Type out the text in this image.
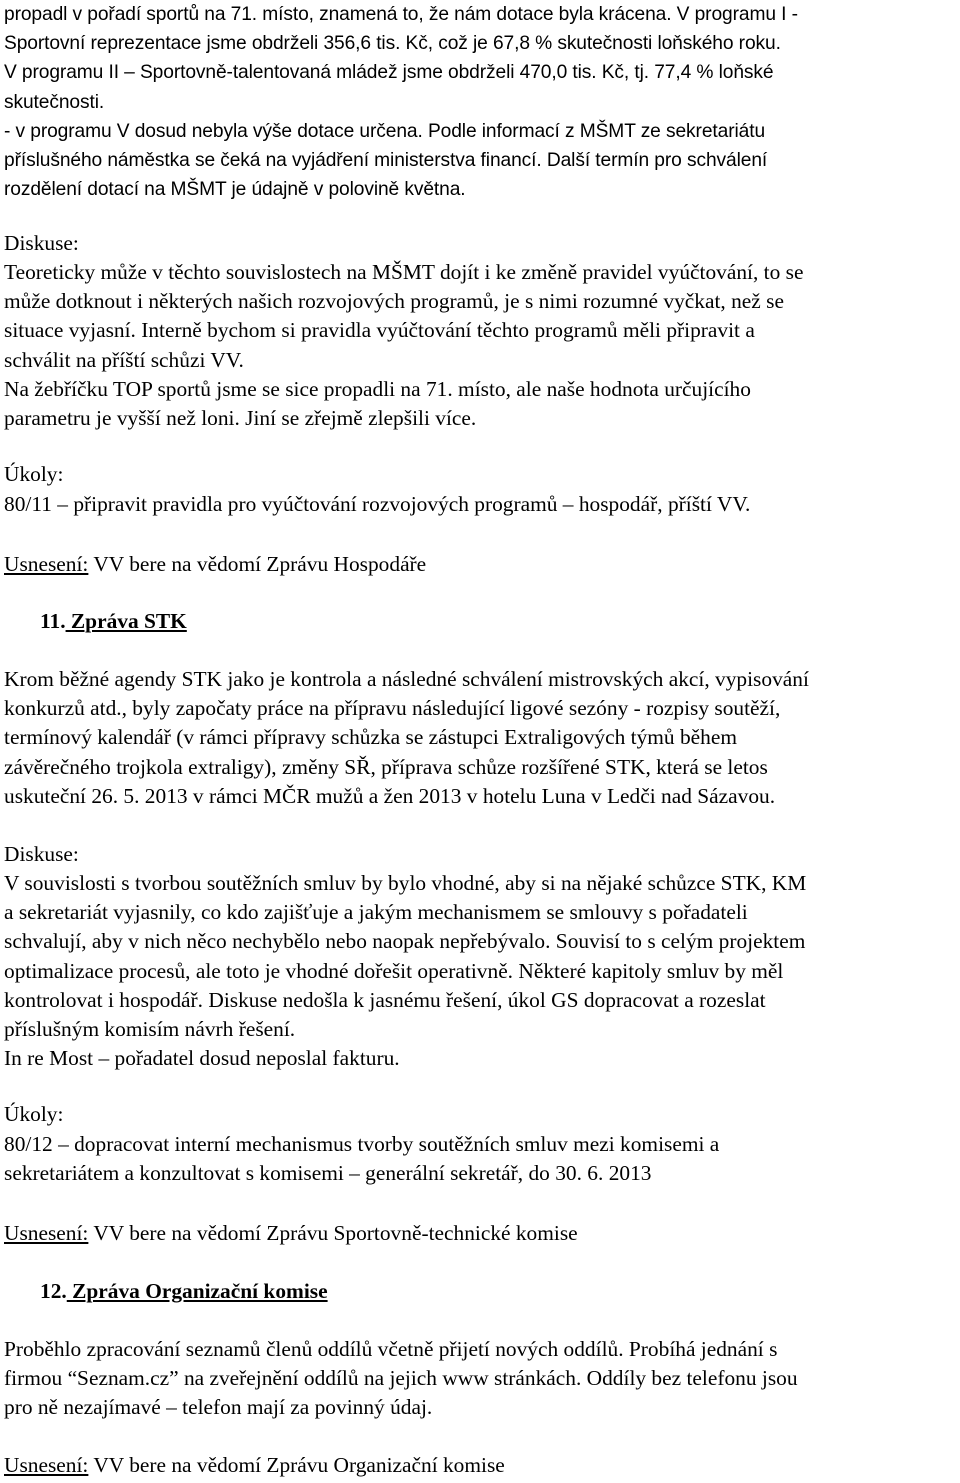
propadl v pořadí sportů na 71. místo, znamená to, že nám dotace byla krácena. V programu I -
Sportovní reprezentace jsme obdrželi 356,6 tis. Kč, což je 67,8 % skutečnosti loňského roku.
V programu II – Sportovně-talentovaná mládež jsme obdrželi 470,0 tis. Kč, tj. 77,4 % loňské
skutečnosti.
- v programu V dosud nebyla výše dotace určena. Podle informací z MŠMT ze sekretariátu
příslušného náměstka se čeká na vyjádření ministerstva financí. Další termín pro schválení
rozdělení dotací na MŠMT je údajně v polovině května.
Diskuse:
Teoreticky může v těchto souvislostech na MŠMT dojít i ke změně pravidel vyúčtování, to se
může dotknout i některých našich rozvojových programů, je s nimi rozumné vyčkat, než se
situace vyjasní. Interně bychom si pravidla vyúčtování těchto programů měli připravit a
schválit na příští schůzi VV.
Na žebříčku TOP sportů jsme se sice propadli na 71. místo, ale naše hodnota určujícího
parametru je vyšší než loni. Jiní se zřejmě zlepšili více.
Úkoly:
80/11 – připravit pravidla pro vyúčtování rozvojových programů – hospodář, příští VV.
Usnesení: VV bere na vědomí Zprávu Hospodáře
11. Zpráva STK
Krom běžné agendy STK jako je kontrola a následné schválení mistrovských akcí, vypisování
konkurzů atd., byly započaty práce na přípravu následující ligové sezóny - rozpisy soutěží,
termínový kalendář (v rámci přípravy schůzka se zástupci Extraligových týmů během
závěrečného trojkola extraligy), změny SŘ, příprava schůze rozšířené STK, která se letos
uskuteční 26. 5. 2013 v rámci MČR mužů a žen 2013 v hotelu Luna v Ledči nad Sázavou.
Diskuse:
V souvislosti s tvorbou soutěžních smluv by bylo vhodné, aby si na nějaké schůzce STK, KM
a sekretariát vyjasnily, co kdo zajišťuje a jakým mechanismem se smlouvy s pořadateli
schvalují, aby v nich něco nechybělo nebo naopak nepřebývalo. Souvisí to s celým projektem
optimalizace procesů, ale toto je vhodné dořešit operativně. Některé kapitoly smluv by měl
kontrolovat i hospodář. Diskuse nedošla k jasnému řešení, úkol GS dopracovat a rozeslat
příslušným komisím návrh řešení.
In re Most – pořadatel dosud neposlal fakturu.
Úkoly:
80/12 – dopracovat interní mechanismus tvorby soutěžních smluv mezi komisemi a
sekretariátem a konzultovat s komisemi – generální sekretář, do 30. 6. 2013
Usnesení: VV bere na vědomí Zprávu Sportovně-technické komise
12. Zpráva Organizační komise
Proběhlo zpracování seznamů členů oddílů včetně přijetí nových oddílů. Probíhá jednání s
firmou “Seznam.cz” na zveřejnění oddílů na jejich www stránkách. Oddíly bez telefonu jsou
pro ně nezajímavé – telefon mají za povinný údaj.
Usnesení: VV bere na vědomí Zprávu Organizační komise
